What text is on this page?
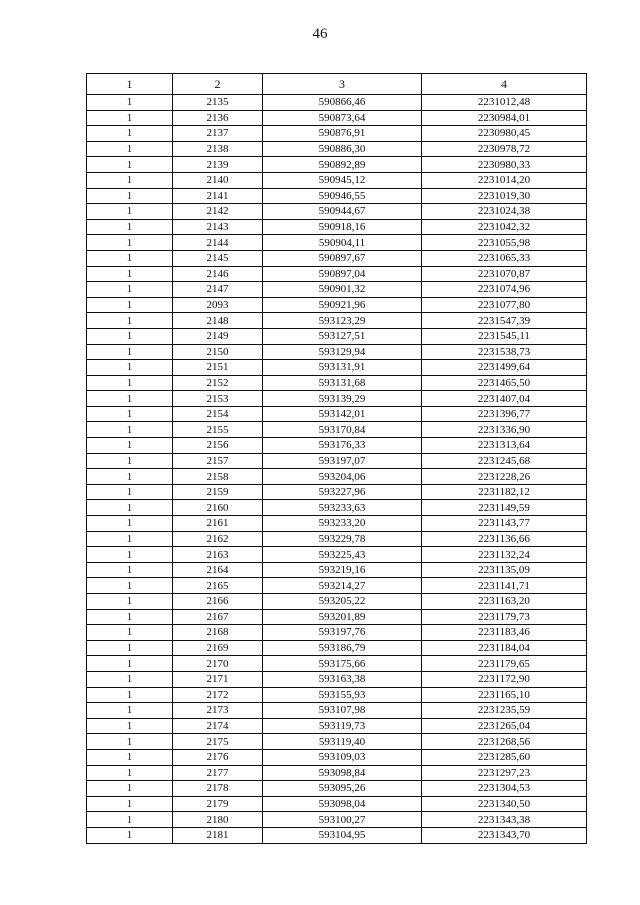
46
1	2	3	4
1	2135	590866,46	2231012,48
1	2136	590873,64	2230984,01
1	2137	590876,91	2230980,45
1	2138	590886,30	2230978,72
1	2139	590892,89	2230980,33
1	2140	590945,12	2231014,20
1	2141	590946,55	2231019,30
1	2142	590944,67	2231024,38
1	2143	590918,16	2231042,32
1	2144	590904,11	2231055,98
1	2145	590897,67	2231065,33
1	2146	590897,04	2231070,87
1	2147	590901,32	2231074,96
1	2093	590921,96	2231077,80
1	2148	593123,29	2231547,39
1	2149	593127,51	2231545,11
1	2150	593129,94	2231538,73
1	2151	593131,91	2231499,64
1	2152	593131,68	2231465,50
1	2153	593139,29	2231407,04
1	2154	593142,01	2231396,77
1	2155	593170,84	2231336,90
1	2156	593176,33	2231313,64
1	2157	593197,07	2231245,68
1	2158	593204,06	2231228,26
1	2159	593227,96	2231182,12
1	2160	593233,63	2231149,59
1	2161	593233,20	2231143,77
1	2162	593229,78	2231136,66
1	2163	593225,43	2231132,24
1	2164	593219,16	2231135,09
1	2165	593214,27	2231141,71
1	2166	593205,22	2231163,20
1	2167	593201,89	2231179,73
1	2168	593197,76	2231183,46
1	2169	593186,79	2231184,04
1	2170	593175,66	2231179,65
1	2171	593163,38	2231172,90
1	2172	593155,93	2231165,10
1	2173	593107,98	2231235,59
1	2174	593119,73	2231265,04
1	2175	593119,40	2231268,56
1	2176	593109,03	2231285,60
1	2177	593098,84	2231297,23
1	2178	593095,26	2231304,53
1	2179	593098,04	2231340,50
1	2180	593100,27	2231343,38
1	2181	593104,95	2231343,70
